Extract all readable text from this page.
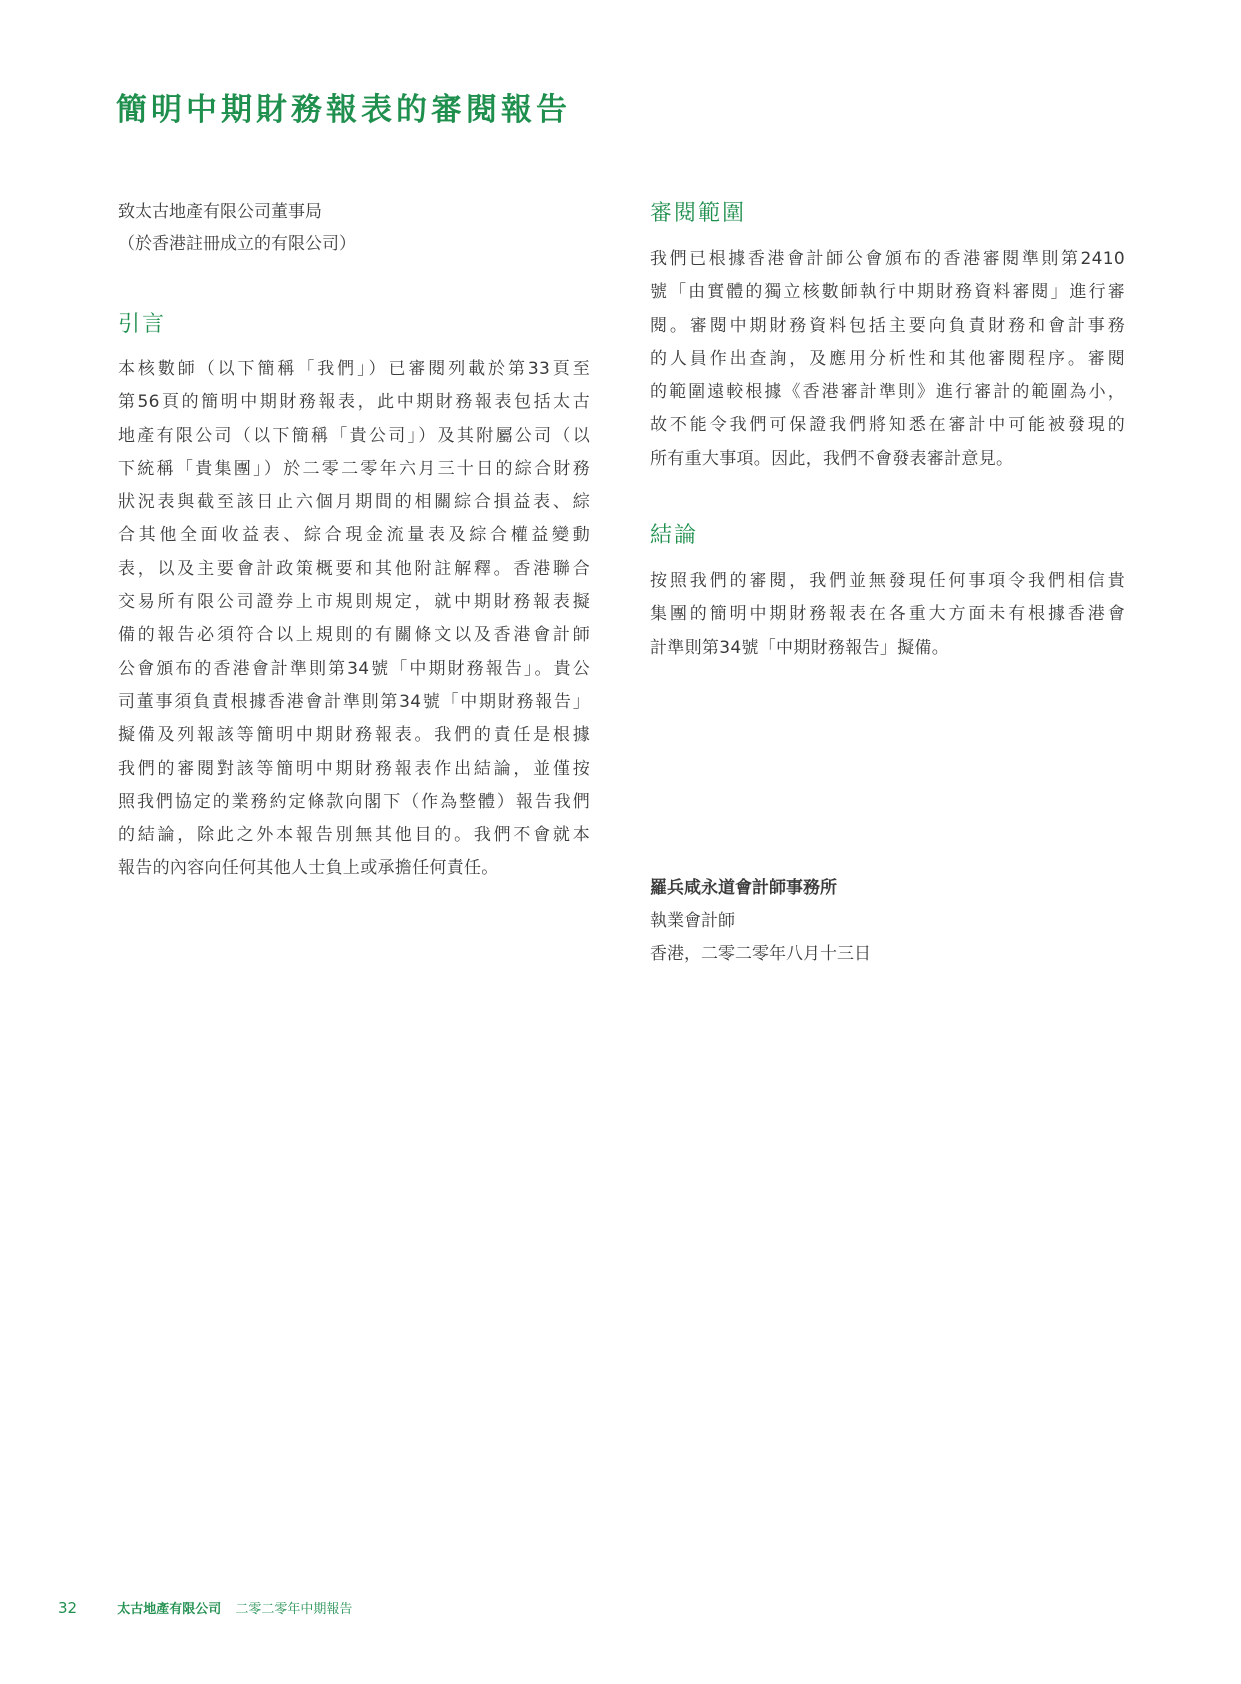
簡明中期財務報表的審閱報告
致太古地產有限公司董事局
（於香港註冊成立的有限公司）
引言
本核數師（以下簡稱「我們」）已審閱列載於第33頁至
第56頁的簡明中期財務報表，此中期財務報表包括太古
地產有限公司（以下簡稱「貴公司」）及其附屬公司（以
下統稱「貴集團」）於二零二零年六月三十日的綜合財務
狀況表與截至該日止六個月期間的相關綜合損益表、綜
合其他全面收益表、綜合現金流量表及綜合權益變動
表，以及主要會計政策概要和其他附註解釋。香港聯合
交易所有限公司證券上市規則規定，就中期財務報表擬
備的報告必須符合以上規則的有關條文以及香港會計師
公會頒布的香港會計準則第34號「中期財務報告」。貴公
司董事須負責根據香港會計準則第34號「中期財務報告」
擬備及列報該等簡明中期財務報表。我們的責任是根據
我們的審閱對該等簡明中期財務報表作出結論，並僅按
照我們協定的業務約定條款向閣下（作為整體）報告我們
的結論，除此之外本報告別無其他目的。我們不會就本
報告的內容向任何其他人士負上或承擔任何責任。
審閱範圍
我們已根據香港會計師公會頒布的香港審閱準則第2410
號「由實體的獨立核數師執行中期財務資料審閱」進行審
閱。審閱中期財務資料包括主要向負責財務和會計事務
的人員作出查詢，及應用分析性和其他審閱程序。審閱
的範圍遠較根據《香港審計準則》進行審計的範圍為小，
故不能令我們可保證我們將知悉在審計中可能被發現的
所有重大事項。因此，我們不會發表審計意見。
結論
按照我們的審閱，我們並無發現任何事項令我們相信貴
集團的簡明中期財務報表在各重大方面未有根據香港會
計準則第34號「中期財務報告」擬備。
羅兵咸永道會計師事務所
執業會計師
香港，二零二零年八月十三日
32	太古地產有限公司 二零二零年中期報告
